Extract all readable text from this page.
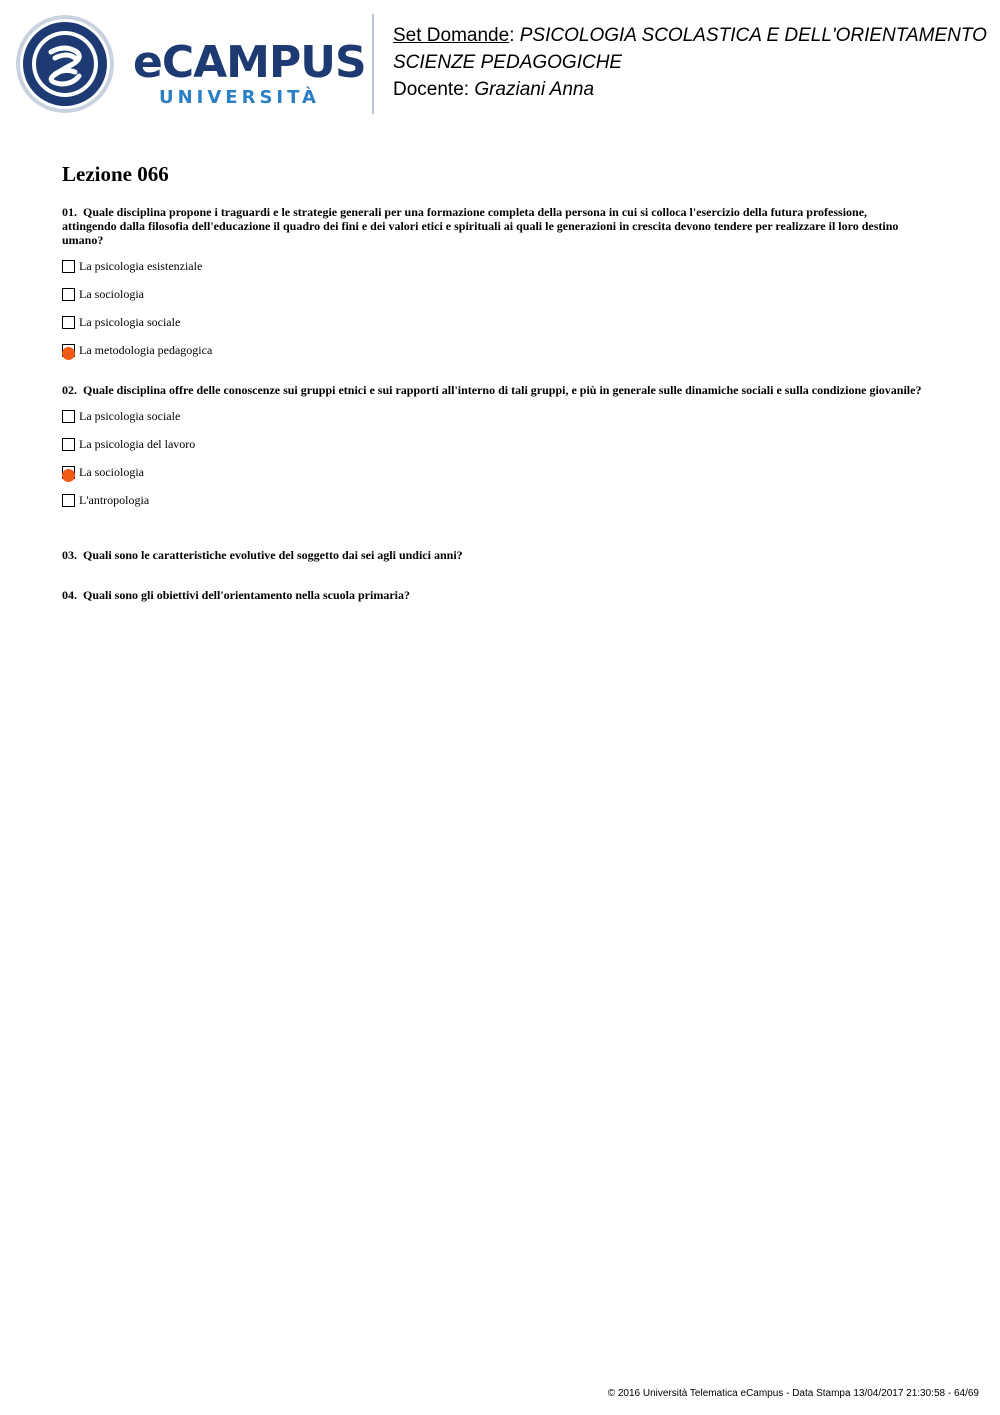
eCAMPUS
UNIVERSITÀ
Set Domande: PSICOLOGIA SCOLASTICA E DELL'ORIENTAMENTO
SCIENZE PEDAGOGICHE
Docente: Graziani Anna
Lezione 066

01. Quale disciplina propone i traguardi e le strategie generali per una formazione completa della persona in cui si colloca l'esercizio della futura professione, attingendo dalla filosofia dell'educazione il quadro dei fini e dei valori etici e spirituali ai quali le generazioni in crescita devono tendere per realizzare il loro destino umano?

La psicologia esistenziale
La sociologia
La psicologia sociale
La metodologia pedagogica

02. Quale disciplina offre delle conoscenze sui gruppi etnici e sui rapporti all'interno di tali gruppi, e più in generale sulle dinamiche sociali e sulla condizione giovanile?

La psicologia sociale
La psicologia del lavoro
La sociologia
L'antropologia

03. Quali sono le caratteristiche evolutive del soggetto dai sei agli undici anni?

04. Quali sono gli obiettivi dell'orientamento nella scuola primaria?

© 2016 Università Telematica eCampus - Data Stampa 13/04/2017 21:30:58 - 64/69
